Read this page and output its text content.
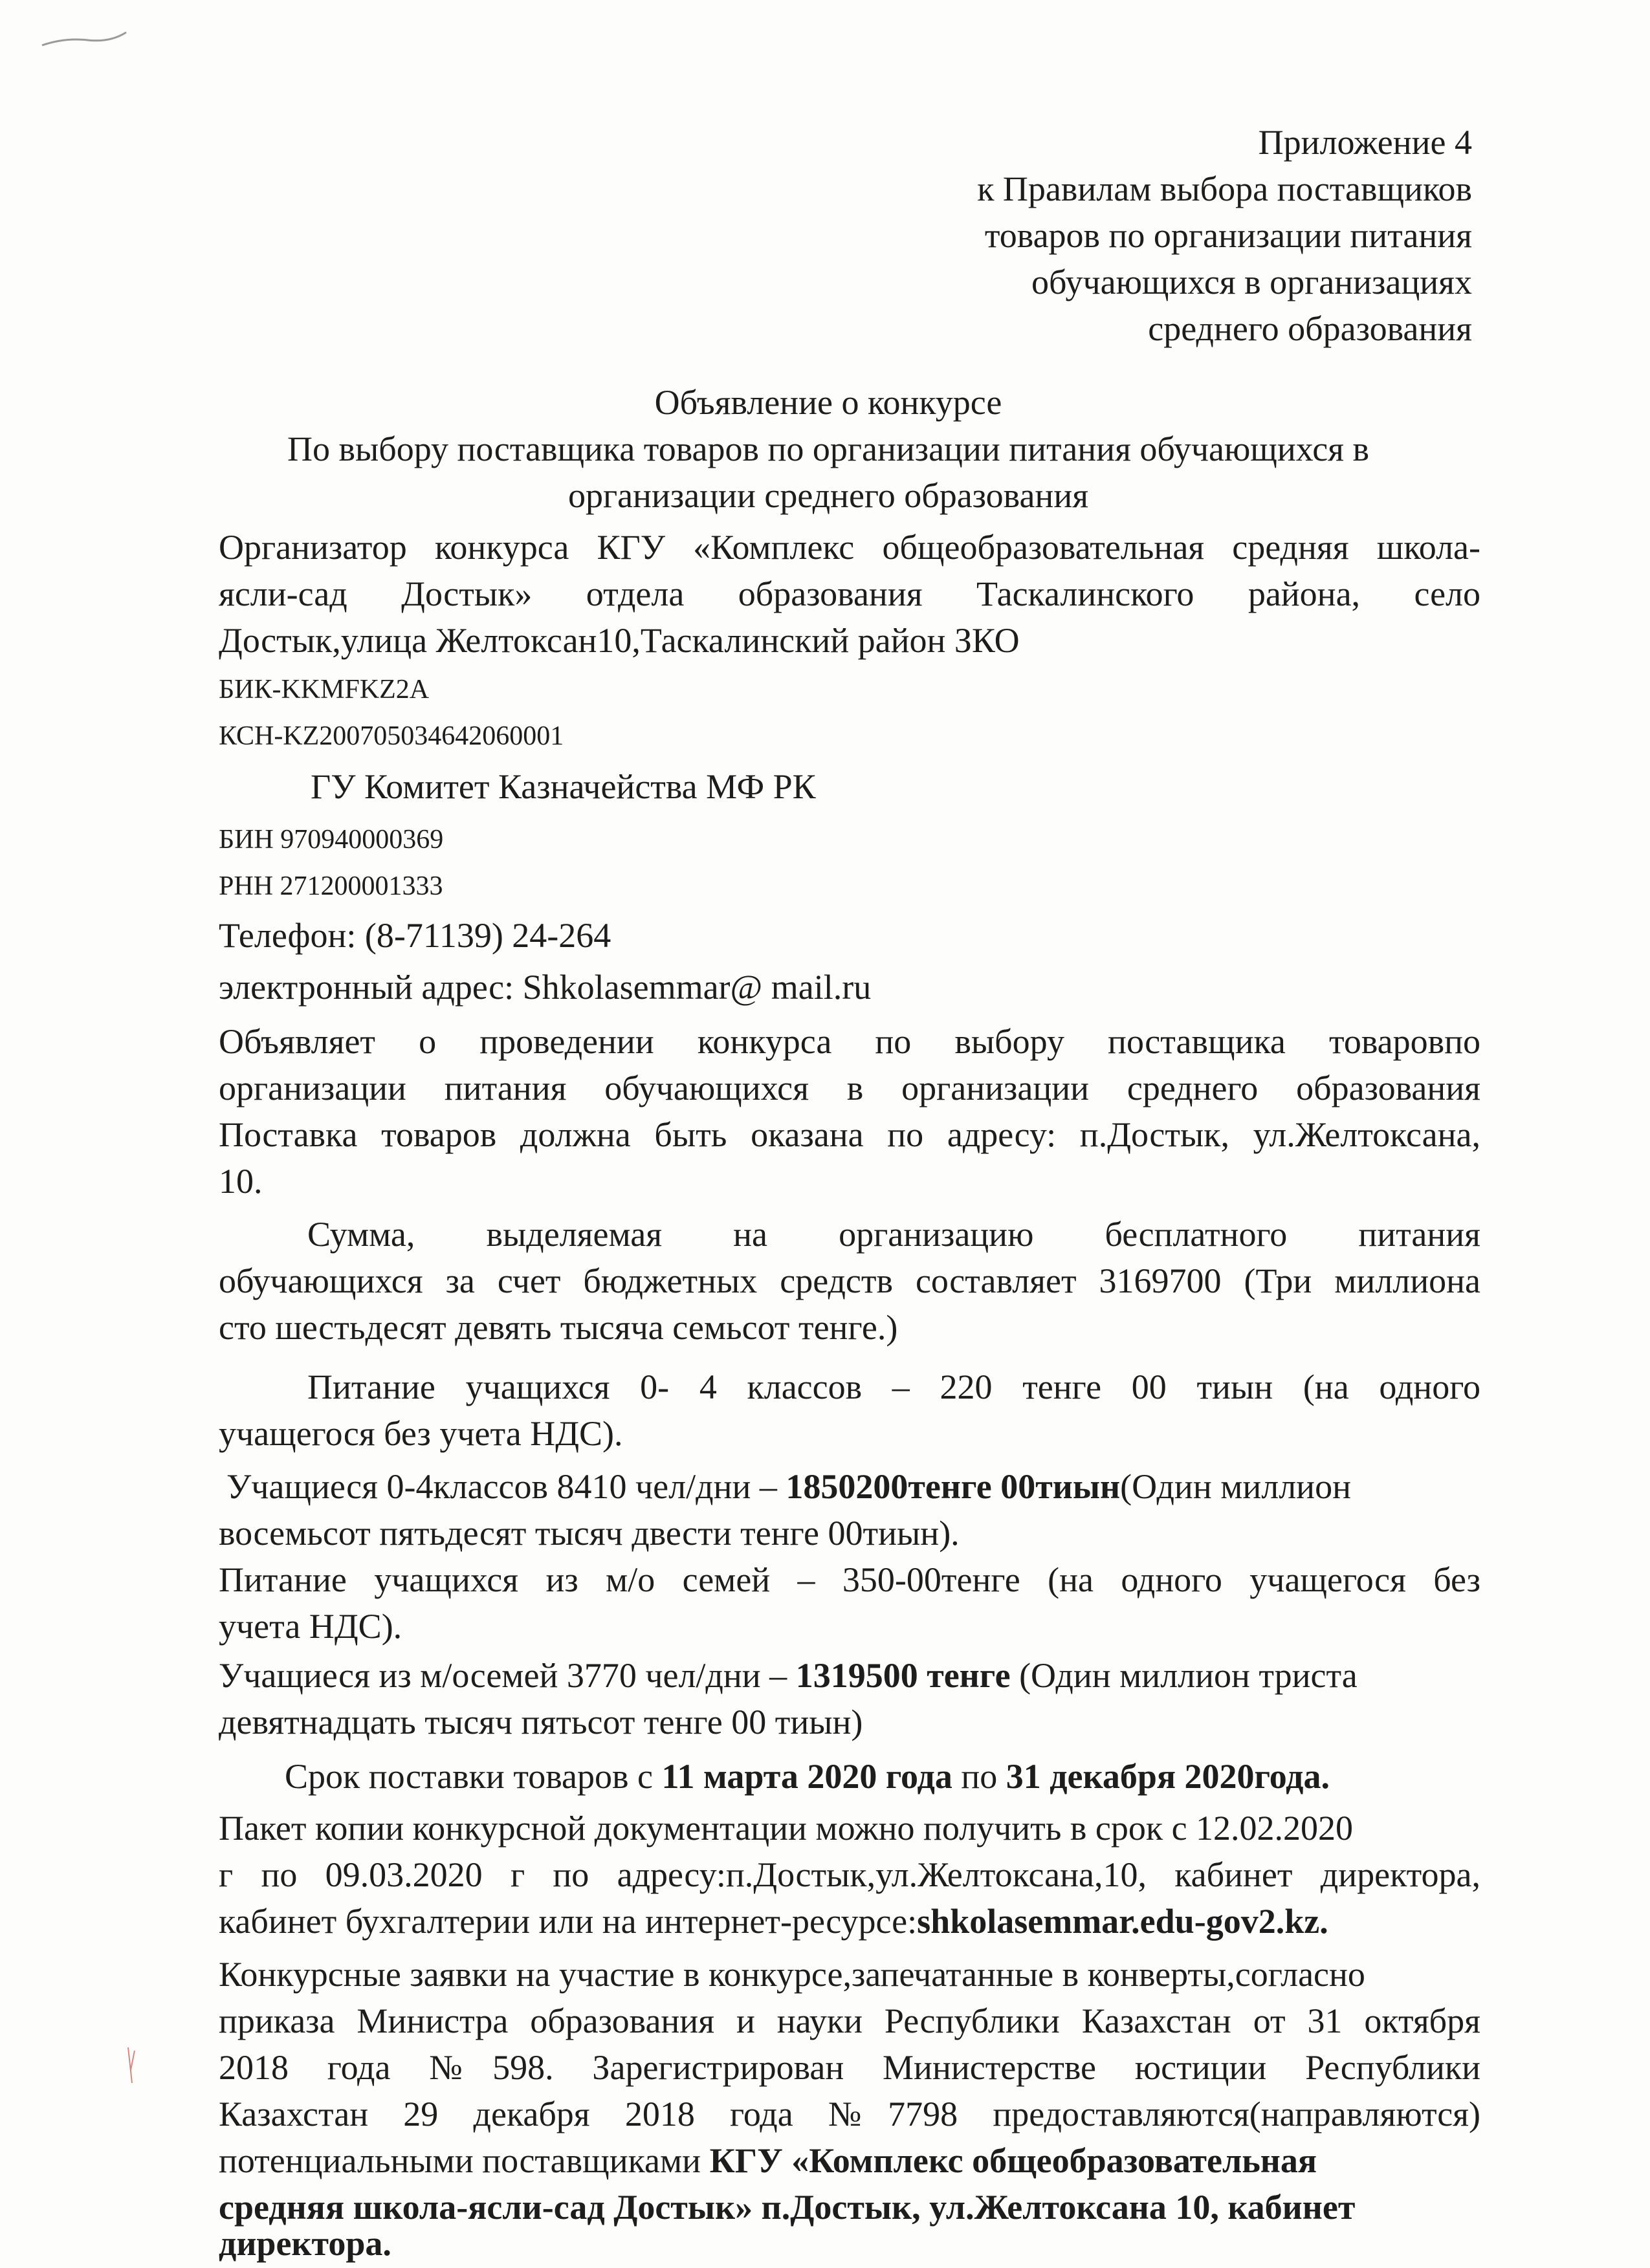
Приложение 4
к Правилам выбора поставщиков
товаров по организации питания
обучающихся в организациях
среднего образования
Объявление о конкурсе
По выбору поставщика товаров по организации питания обучающихся в
организации среднего образования
Организатор конкурса КГУ «Комплекс общеобразовательная средняя школа-
ясли-сад Достык» отдела образования Таскалинского района, село
Достык,улица Желтоксан10,Таскалинский район ЗКО
БИК-KKMFKZ2A
КСН-KZ200705034642060001
ГУ Комитет Казначейства МФ РК
БИН 970940000369
РНН 271200001333
Телефон: (8-71139) 24-264
электронный адрес: Shkolasemmar@ mail.ru
Объявляет о проведении конкурса по выбору поставщика товаровпо
организации питания обучающихся в организации среднего образования
Поставка товаров должна быть оказана по адресу: п.Достык, ул.Желтоксана,
10.
Сумма, выделяемая на организацию бесплатного питания
обучающихся за счет бюджетных средств составляет 3169700 (Три миллиона
сто шестьдесят девять тысяча семьсот тенге.)
Питание учащихся 0- 4 классов – 220 тенге 00 тиын (на одного
учащегося без учета НДС).
Учащиеся 0-4классов 8410 чел/дни – 1850200тенге 00тиын(Один миллион
восемьсот пятьдесят тысяч двести тенге 00тиын).
Питание учащихся из м/о семей – 350-00тенге (на одного учащегося без
учета НДС).
Учащиеся из м/осемей 3770 чел/дни – 1319500 тенге (Один миллион триста
девятнадцать тысяч пятьсот тенге 00 тиын)
Срок поставки товаров с 11 марта 2020 года по 31 декабря 2020года.
Пакет копии конкурсной документации можно получить в срок с 12.02.2020
г по 09.03.2020 г по адресу:п.Достык,ул.Желтоксана,10, кабинет директора,
кабинет бухгалтерии или на интернет-ресурсе:shkolasemmar.edu-gov2.kz.
Конкурсные заявки на участие в конкурсе,запечатанные в конверты,согласно
приказа Министра образования и науки Республики Казахстан от 31 октября
2018 года №598. Зарегистрирован Министерстве юстиции Республики
Казахстан 29 декабря 2018 года №7798 предоставляются(направляются)
потенциальными поставщиками КГУ «Комплекс общеобразовательная
средняя школа-ясли-сад Достык» п.Достык, ул.Желтоксана 10, кабинет
директора.
